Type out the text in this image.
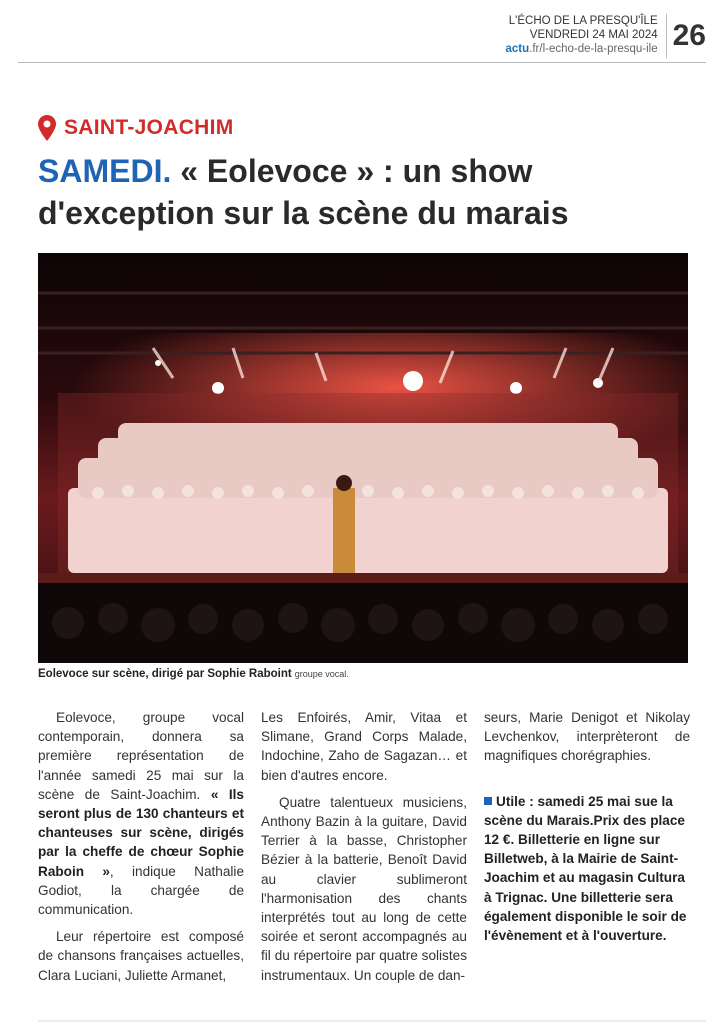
L'ÉCHO DE LA PRESQU'ÎLE
VENDREDI 24 MAI 2024
actu.fr/l-echo-de-la-presqu-ile 26
SAINT-JOACHIM
SAMEDI. « Eolevoce » : un show d'exception sur la scène du marais
Eolevoce sur scène, dirigé par Sophie Raboint groupe vocal.

Eolevoce, groupe vocal contemporain, donnera sa première représentation de l'année samedi 25 mai sur la scène de Saint-Joachim. « Ils seront plus de 130 chanteurs et chanteuses sur scène, dirigés par la cheffe de chœur Sophie Raboin », indique Nathalie Godiot, la chargée de communication.

Leur répertoire est composé de chansons françaises actuelles, Clara Luciani, Juliette Armanet,

Les Enfoirés, Amir, Vitaa et Slimane, Grand Corps Malade, Indochine, Zaho de Sagazan… et bien d'autres encore.

Quatre talentueux musiciens, Anthony Bazin à la guitare, David Terrier à la basse, Christopher Bézier à la batterie, Benoît David au clavier sublimeront l'harmonisation des chants interprétés tout au long de cette soirée et seront accompagnés au fil du répertoire par quatre solistes instrumentaux. Un couple de dan-

seurs, Marie Denigot et Nikolay Levchenkov, interprèteront de magnifiques chorégraphies.

Utile : samedi 25 mai sue la scène du Marais.Prix des place 12 €. Billetterie en ligne sur Billetweb, à la Mairie de Saint-Joachim et au magasin Cultura à Trignac. Une billetterie sera également disponible le soir de l'évènement et à l'ouverture.
